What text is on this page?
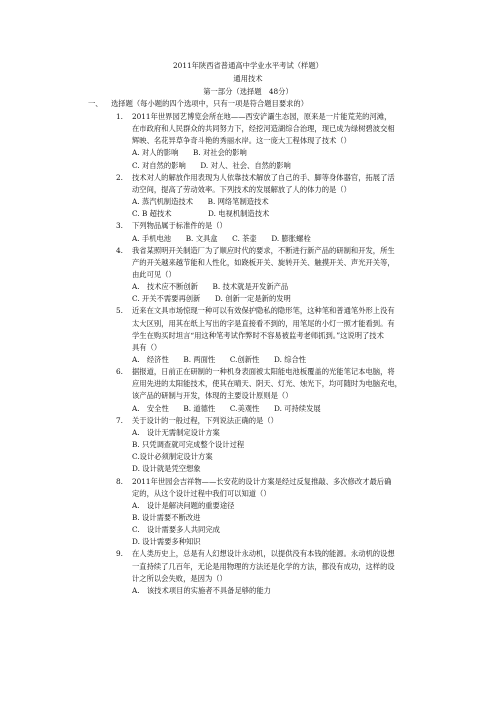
2011年陕西省普通高中学业水平考试（样题）
通用技术
第一部分（选择题　48分）
一、 选择题（每小题的四个选项中，只有一项是符合题目要求的）
1. 2011年世界园艺博览会所在地——西安浐灞生态园，原来是一片能荒芜的河滩，
在市政府和人民群众的共同努力下，经挖河造湖综合治理，现已成为绿树碧波交相
辉映、名花异草争奇斗艳的秀丽水岸。这一庞大工程体现了技术（）
A. 对人的影响　　B. 对社会的影响
C. 对自然的影响　　D. 对人、社会、自然的影响
2. 技术对人的解放作用表现为人依靠技术解放了自己的手、脚等身体器官，拓展了活
动空间，提高了劳动效率。下列技术的发展解放了人的体力的是（）
A. 蒸汽机制造技术　　B. 网络笔制造技术
C. B 超技术　　　　　D. 电视机制造技术
3. 下列物品属于标准件的是（）
A. 手机电池　　B. 文具盒　　C. 茶壶　　D. 膨胀螺栓
4. 我省某照明开关制造厂为了顺应时代的要求，不断进行新产品的研制和开发，所生
产的开关越来越节能和人性化，如跷板开关、旋转开关、触摸开关、声光开关等，
由此可见（）
A.　技术应不断创新　　B. 技术就是开发新产品
C. 开关不需要再创新　　D. 创新一定是新的发明
5. 近来在文具市场惊现一种可以有效保护隐私的隐形笔，这种笔和普通笔外形上没有
太大区别，用其在纸上写出的字是直接看不到的，用笔尾的小灯一照才能看到。有
学生在购买时坦言“用这种笔考试作弊时不容易被监考老师抓到。”这说明了技术
具有（）
A.　经济性　　B. 两面性　　C.创新性　　D. 综合性
6. 据报道，日前正在研制的一种机身表面被太阳能电池板覆盖的光能笔记本电脑，将
应用先进的太阳能技术，使其在晴天、阴天、灯光、烛光下，均可随时为电脑充电，
该产品的研制与开发，体现的主要设计原则是（）
A.　安全性　　B. 道德性　　C.美观性　　D. 可持续发展
7. 关于设计的一般过程，下列说法正确的是（）
A.　设计无需制定设计方案
B. 只凭调查就可完成整个设计过程
C.设计必须制定设计方案
D. 设计就是凭空想象
8. 2011年世园会吉祥物——长安花的设计方案是经过反复推敲、多次修改才最后确
定的，从这个设计过程中我们可以知道（）
A.　设计是解决问题的重要途径
B. 设计需要不断改进
C.　设计需要多人共同完成
D. 设计需要多种知识
9. 在人类历史上，总是有人幻想设计永动机，以提供没有本钱的能源。永动机的设想
一直持续了几百年，无论是用物理的方法还是化学的方法，都没有成功，这样的设
计之所以会失败，是因为（）
A.　该技术项目的实施者不具备足够的能力
